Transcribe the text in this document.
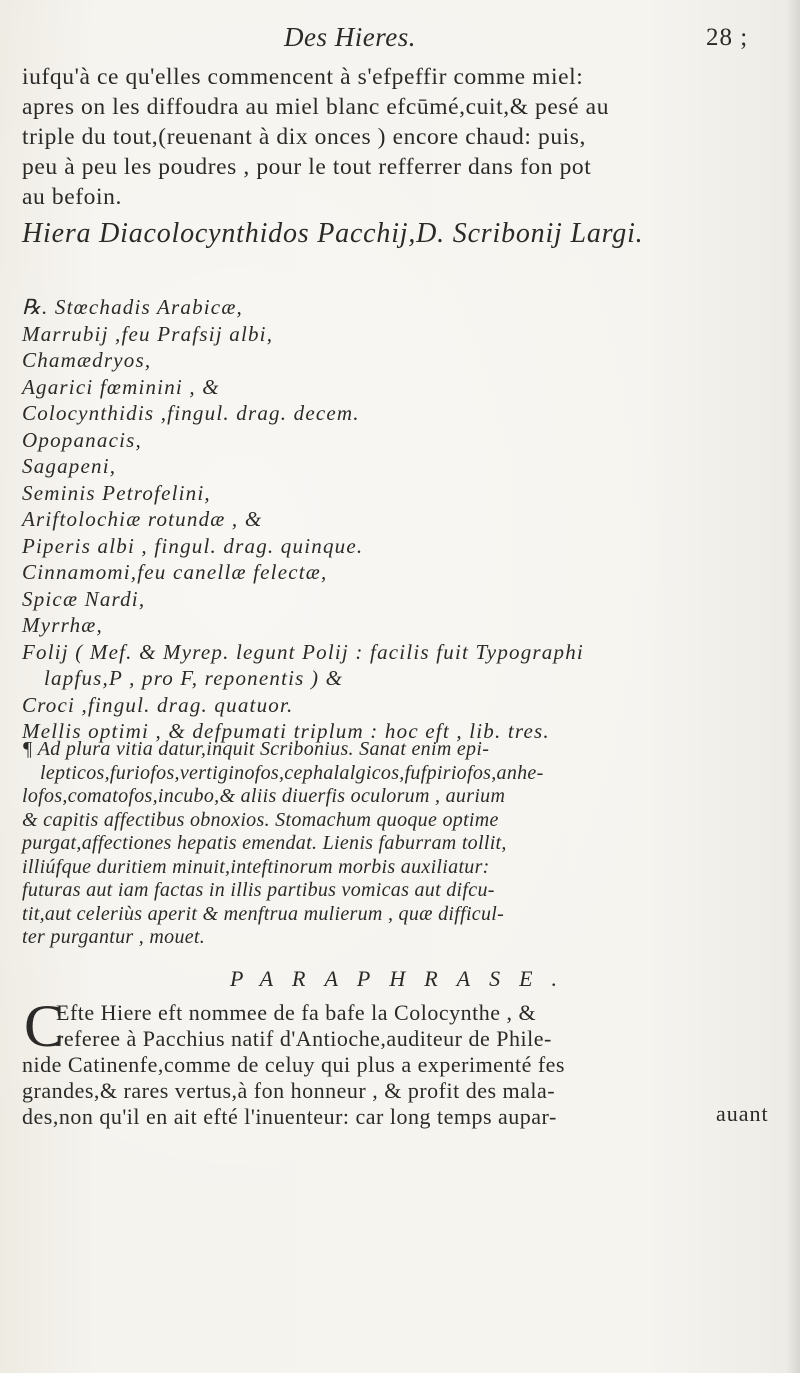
Des Hieres.	28 ;
iufqu'à ce qu'elles commencent à s'efpeffir comme miel:
apres on les diffoudra au miel blanc efcūmé,cuit,& pesé au
triple du tout,(reuenant à dix onces ) encore chaud: puis,
peu à peu les poudres , pour le tout refferrer dans fon pot
au befoin.
Hiera Diacolocynthidos Pacchij,D. Scribonij Largi.
℞. Stœchadis Arabicæ,
Marrubij ,feu Prafsij albi,
Chamædryos,
Agarici fœminini , &
Colocynthidis ,fingul. drag. decem.
Opopanacis,
Sagapeni,
Seminis Petrofelini,
Ariftolochiæ rotundæ , &
Piperis albi , fingul. drag. quinque.
Cinnamomi,feu canellæ felectæ,
Spicæ Nardi,
Myrrhæ,
Folij ( Mef. & Myrep. legunt Polij : facilis fuit Typographi
lapfus,P , pro F, reponentis ) &
Croci ,fingul. drag. quatuor.
Mellis optimi , & defpumati triplum : hoc eft , lib. tres.
¶ Ad plura vitia datur,inquit Scribonius. Sanat enim epi-
lepticos,furiofos,vertiginofos,cephalalgicos,fufpiriofos,anhe-
lofos,comatofos,incubo,& aliis diuerfis oculorum , aurium
& capitis affectibus obnoxios. Stomachum quoque optime
purgat,affectiones hepatis emendat. Lienis faburram tollit,
illiúfque duritiem minuit,inteftinorum morbis auxiliatur:
futuras aut iam factas in illis partibus vomicas aut difcu-
tit,aut celeriùs aperit & menftrua mulierum , quæ difficul-
ter purgantur , mouet.
PARAPHRASE.
C
Efte Hiere eft nommee de fa bafe la Colocynthe , &
referee à Pacchius natif d'Antioche,auditeur de Phile-
nide Catinenfe,comme de celuy qui plus a experimenté fes
grandes,& rares vertus,à fon honneur , & profit des mala-
des,non qu'il en ait efté l'inuenteur: car long temps aupar-	auant
